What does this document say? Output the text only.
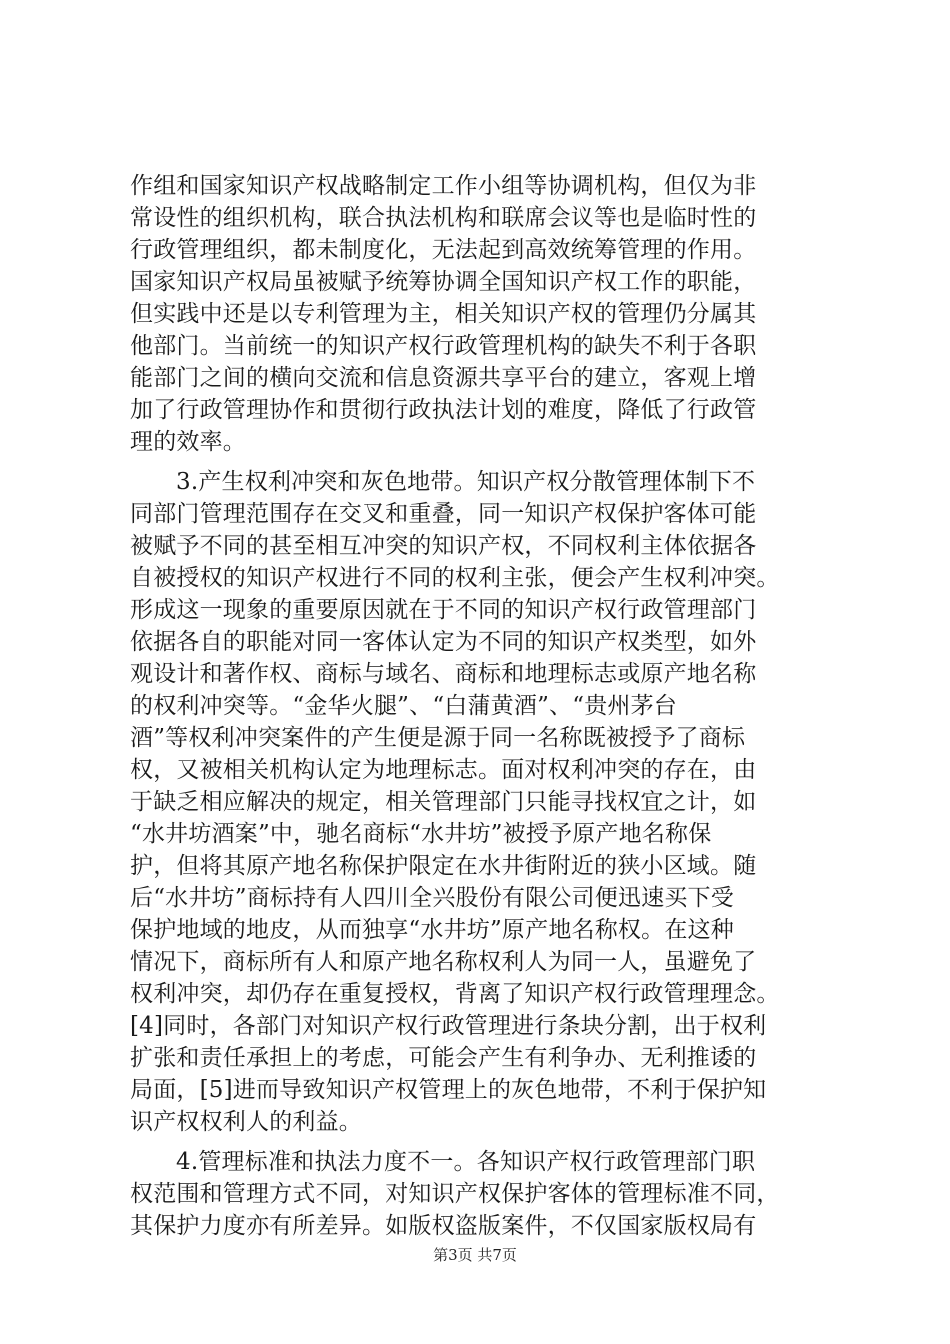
作组和国家知识产权战略制定工作小组等协调机构，但仅为非
常设性的组织机构，联合执法机构和联席会议等也是临时性的
行政管理组织，都未制度化，无法起到高效统筹管理的作用。
国家知识产权局虽被赋予统筹协调全国知识产权工作的职能，
但实践中还是以专利管理为主，相关知识产权的管理仍分属其
他部门。当前统一的知识产权行政管理机构的缺失不利于各职
能部门之间的横向交流和信息资源共享平台的建立，客观上增
加了行政管理协作和贯彻行政执法计划的难度，降低了行政管
理的效率。
3.产生权利冲突和灰色地带。知识产权分散管理体制下不
同部门管理范围存在交叉和重叠，同一知识产权保护客体可能
被赋予不同的甚至相互冲突的知识产权，不同权利主体依据各
自被授权的知识产权进行不同的权利主张，便会产生权利冲突。
形成这一现象的重要原因就在于不同的知识产权行政管理部门
依据各自的职能对同一客体认定为不同的知识产权类型，如外
观设计和著作权、商标与域名、商标和地理标志或原产地名称
的权利冲突等。“金华火腿”、“白蒲黄酒”、“贵州茅台
酒”等权利冲突案件的产生便是源于同一名称既被授予了商标
权，又被相关机构认定为地理标志。面对权利冲突的存在，由
于缺乏相应解决的规定，相关管理部门只能寻找权宜之计，如
“水井坊酒案”中，驰名商标“水井坊”被授予原产地名称保
护，但将其原产地名称保护限定在水井街附近的狭小区域。随
后“水井坊”商标持有人四川全兴股份有限公司便迅速买下受
保护地域的地皮，从而独享“水井坊”原产地名称权。在这种
情况下，商标所有人和原产地名称权利人为同一人，虽避免了
权利冲突，却仍存在重复授权，背离了知识产权行政管理理念。
[4]同时，各部门对知识产权行政管理进行条块分割，出于权利
扩张和责任承担上的考虑，可能会产生有利争办、无利推诿的
局面，[5]进而导致知识产权管理上的灰色地带，不利于保护知
识产权权利人的利益。
4.管理标准和执法力度不一。各知识产权行政管理部门职
权范围和管理方式不同，对知识产权保护客体的管理标准不同，
其保护力度亦有所差异。如版权盗版案件，不仅国家版权局有
第3页 共7页
